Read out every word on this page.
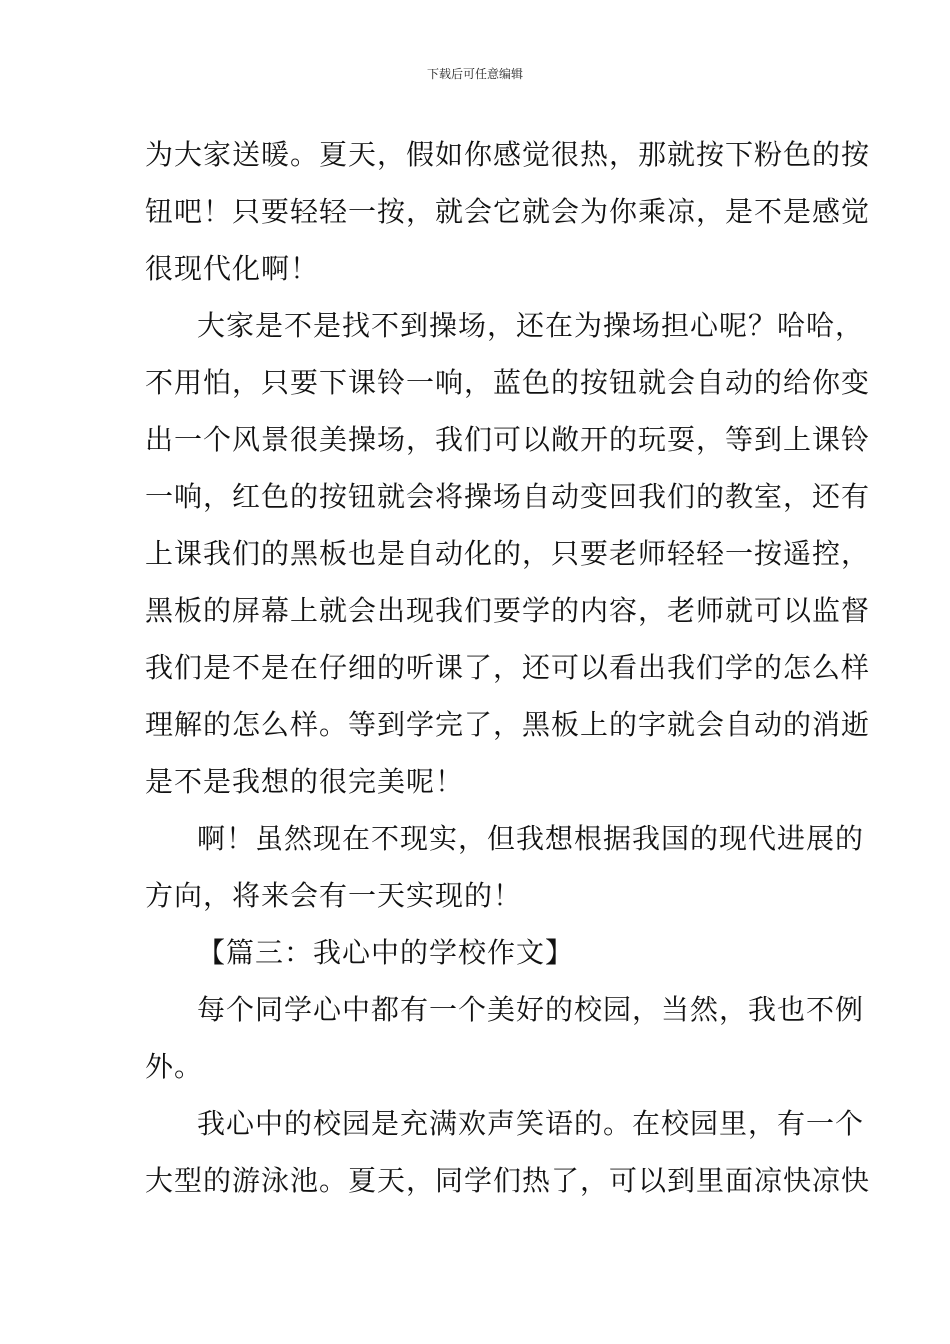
下载后可任意编辑
为大家送暖。夏天，假如你感觉很热，那就按下粉色的按
钮吧！只要轻轻一按，就会它就会为你乘凉，是不是感觉
很现代化啊！
大家是不是找不到操场，还在为操场担心呢？哈哈，
不用怕，只要下课铃一响，蓝色的按钮就会自动的给你变
出一个风景很美操场，我们可以敞开的玩耍，等到上课铃
一响，红色的按钮就会将操场自动变回我们的教室，还有
上课我们的黑板也是自动化的，只要老师轻轻一按遥控，
黑板的屏幕上就会出现我们要学的内容，老师就可以监督
我们是不是在仔细的听课了，还可以看出我们学的怎么样
理解的怎么样。等到学完了，黑板上的字就会自动的消逝
是不是我想的很完美呢！
啊！虽然现在不现实，但我想根据我国的现代进展的
方向，将来会有一天实现的！
【篇三：我心中的学校作文】
每个同学心中都有一个美好的校园，当然，我也不例
外。
我心中的校园是充满欢声笑语的。在校园里，有一个
大型的游泳池。夏天，同学们热了，可以到里面凉快凉快
